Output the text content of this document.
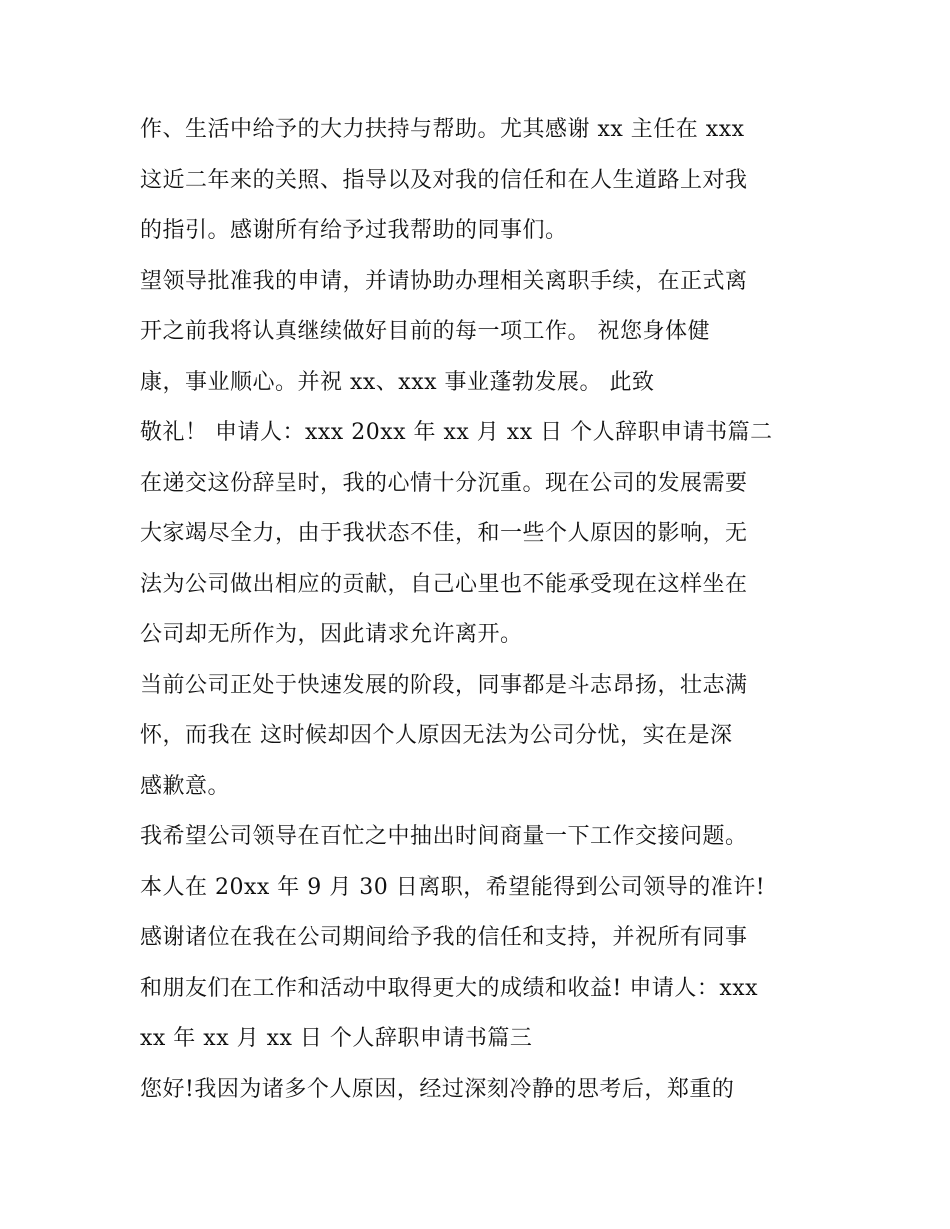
作、生活中给予的大力扶持与帮助。尤其感谢 xx 主任在 xxx
这近二年来的关照、指导以及对我的信任和在人生道路上对我
的指引。感谢所有给予过我帮助的同事们。
望领导批准我的申请，并请协助办理相关离职手续，在正式离
开之前我将认真继续做好目前的每一项工作。 祝您身体健
康，事业顺心。并祝 xx、xxx 事业蓬勃发展。 此致
敬礼！ 申请人：xxx 20xx 年 xx 月 xx 日 个人辞职申请书篇二
在递交这份辞呈时，我的心情十分沉重。现在公司的发展需要
大家竭尽全力，由于我状态不佳，和一些个人原因的影响，无
法为公司做出相应的贡献，自己心里也不能承受现在这样坐在
公司却无所作为，因此请求允许离开。
当前公司正处于快速发展的阶段，同事都是斗志昂扬，壮志满
怀，而我在 这时候却因个人原因无法为公司分忧，实在是深
感歉意。
我希望公司领导在百忙之中抽出时间商量一下工作交接问题。
本人在 20xx 年 9 月 30 日离职，希望能得到公司领导的准许!
感谢诸位在我在公司期间给予我的信任和支持，并祝所有同事
和朋友们在工作和活动中取得更大的成绩和收益! 申请人：xxx
xx 年 xx 月 xx 日 个人辞职申请书篇三
您好!我因为诸多个人原因，经过深刻冷静的思考后，郑重的
